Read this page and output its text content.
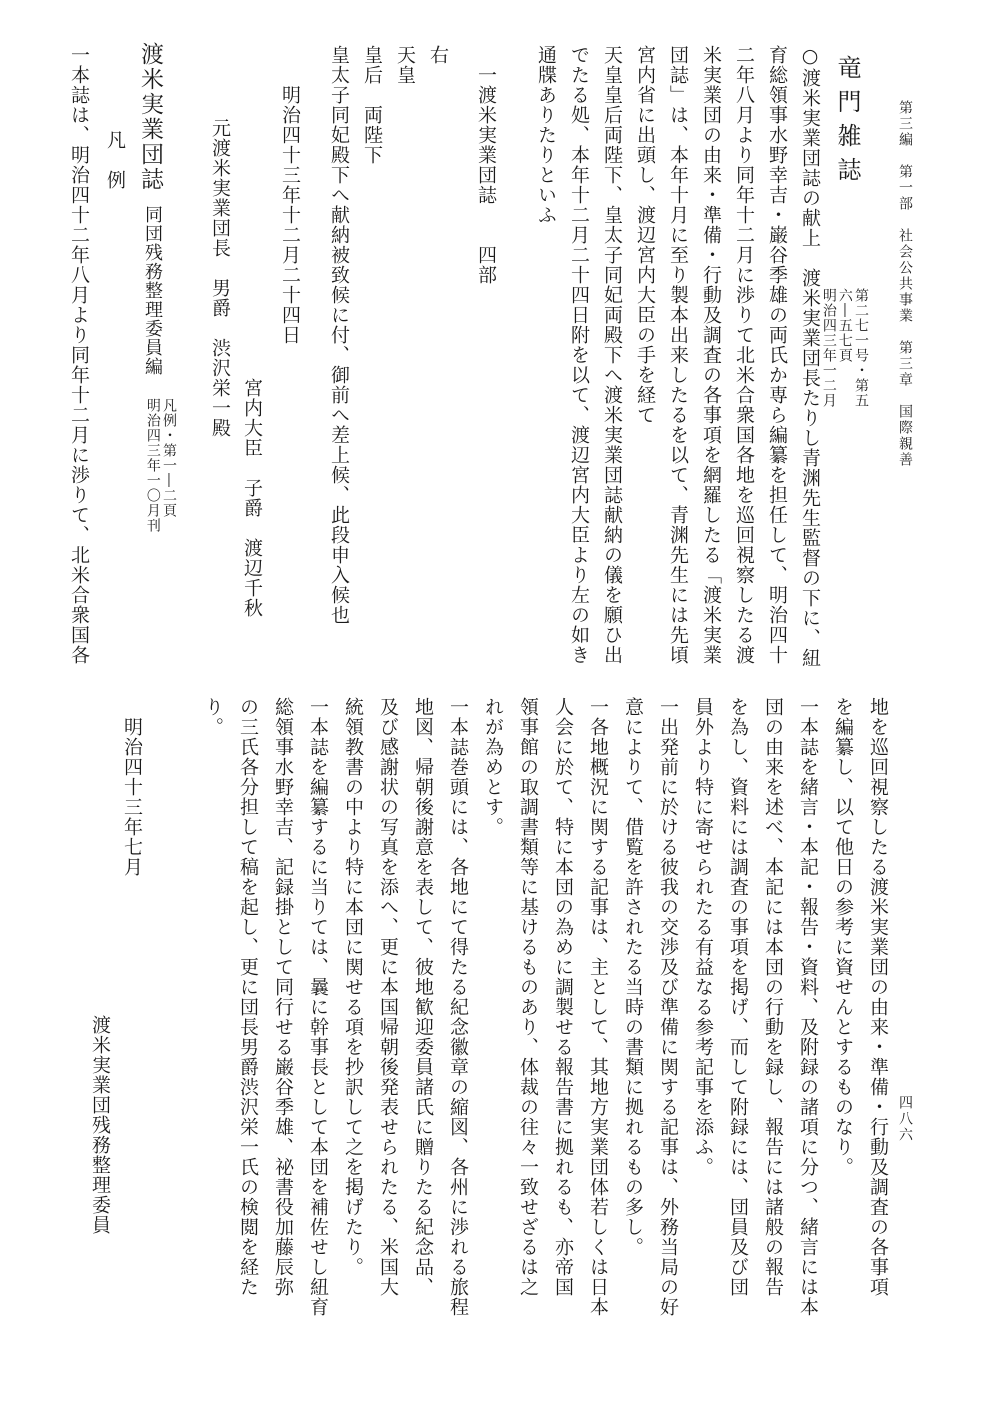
第三編　第一部　社会公共事業　第三章　国際親善
四八六
竜門雑誌
第二七一号・第五六―五七頁
明治四三年一二月
○渡米実業団誌の献上　渡米実業団長たりし青渊先生監督の下に、紐
育総領事水野幸吉・巌谷季雄の両氏か専ら編纂を担任して、明治四十
二年八月より同年十二月に渉りて北米合衆国各地を巡回視察したる渡
米実業団の由来・準備・行動及調査の各事項を網羅したる「渡米実業
団誌」は、本年十月に至り製本出来したるを以て、青渊先生には先頃
宮内省に出頭し、渡辺宮内大臣の手を経て
天皇皇后両陛下、皇太子同妃両殿下へ渡米実業団誌献納の儀を願ひ出
でたる処、本年十二月二十四日附を以て、渡辺宮内大臣より左の如き
通牒ありたりといふ
一渡米実業団誌　　四部
右
天皇
皇后　両陛下
皇太子同妃殿下へ献納被致候に付、御前へ差上候、此段申入候也
宮内大臣　子爵　渡辺千秋
明治四十三年十二月二十四日
元渡米実業団長　男爵　渋沢栄一殿
渡米実業団誌
同団残務整理委員編
凡例・第一―二頁
明治四三年一〇月刊
凡　例
一本誌は、明治四十二年八月より同年十二月に渉りて、北米合衆国各
地を巡回視察したる渡米実業団の由来・準備・行動及調査の各事項
を編纂し、以て他日の参考に資せんとするものなり。
一本誌を緒言・本記・報告・資料、及附録の諸項に分つ、緒言には本
団の由来を述べ、本記には本団の行動を録し、報告には諸般の報告
を為し、資料には調査の事項を掲げ、而して附録には、団員及び団
員外より特に寄せられたる有益なる参考記事を添ふ。
一出発前に於ける彼我の交渉及び準備に関する記事は、外務当局の好
意によりて、借覧を許されたる当時の書類に拠れるもの多し。
一各地概況に関する記事は、主として、其地方実業団体若しくは日本
人会に於て、特に本団の為めに調製せる報告書に拠れるも、亦帝国
領事館の取調書類等に基けるものあり、体裁の往々一致せざるは之
れが為めとす。
一本誌巻頭には、各地にて得たる紀念徽章の縮図、各州に渉れる旅程
地図、帰朝後謝意を表して、彼地歓迎委員諸氏に贈りたる紀念品、
及び感謝状の写真を添へ、更に本国帰朝後発表せられたる、米国大
統領教書の中より特に本団に関せる項を抄訳して之を掲げたり。
一本誌を編纂するに当りては、曩に幹事長として本団を補佐せし紐育
総領事水野幸吉、記録掛として同行せる巌谷季雄、祕書役加藤辰弥
の三氏各分担して稿を起し、更に団長男爵渋沢栄一氏の検閲を経た
り。
明治四十三年七月
渡米実業団残務整理委員
